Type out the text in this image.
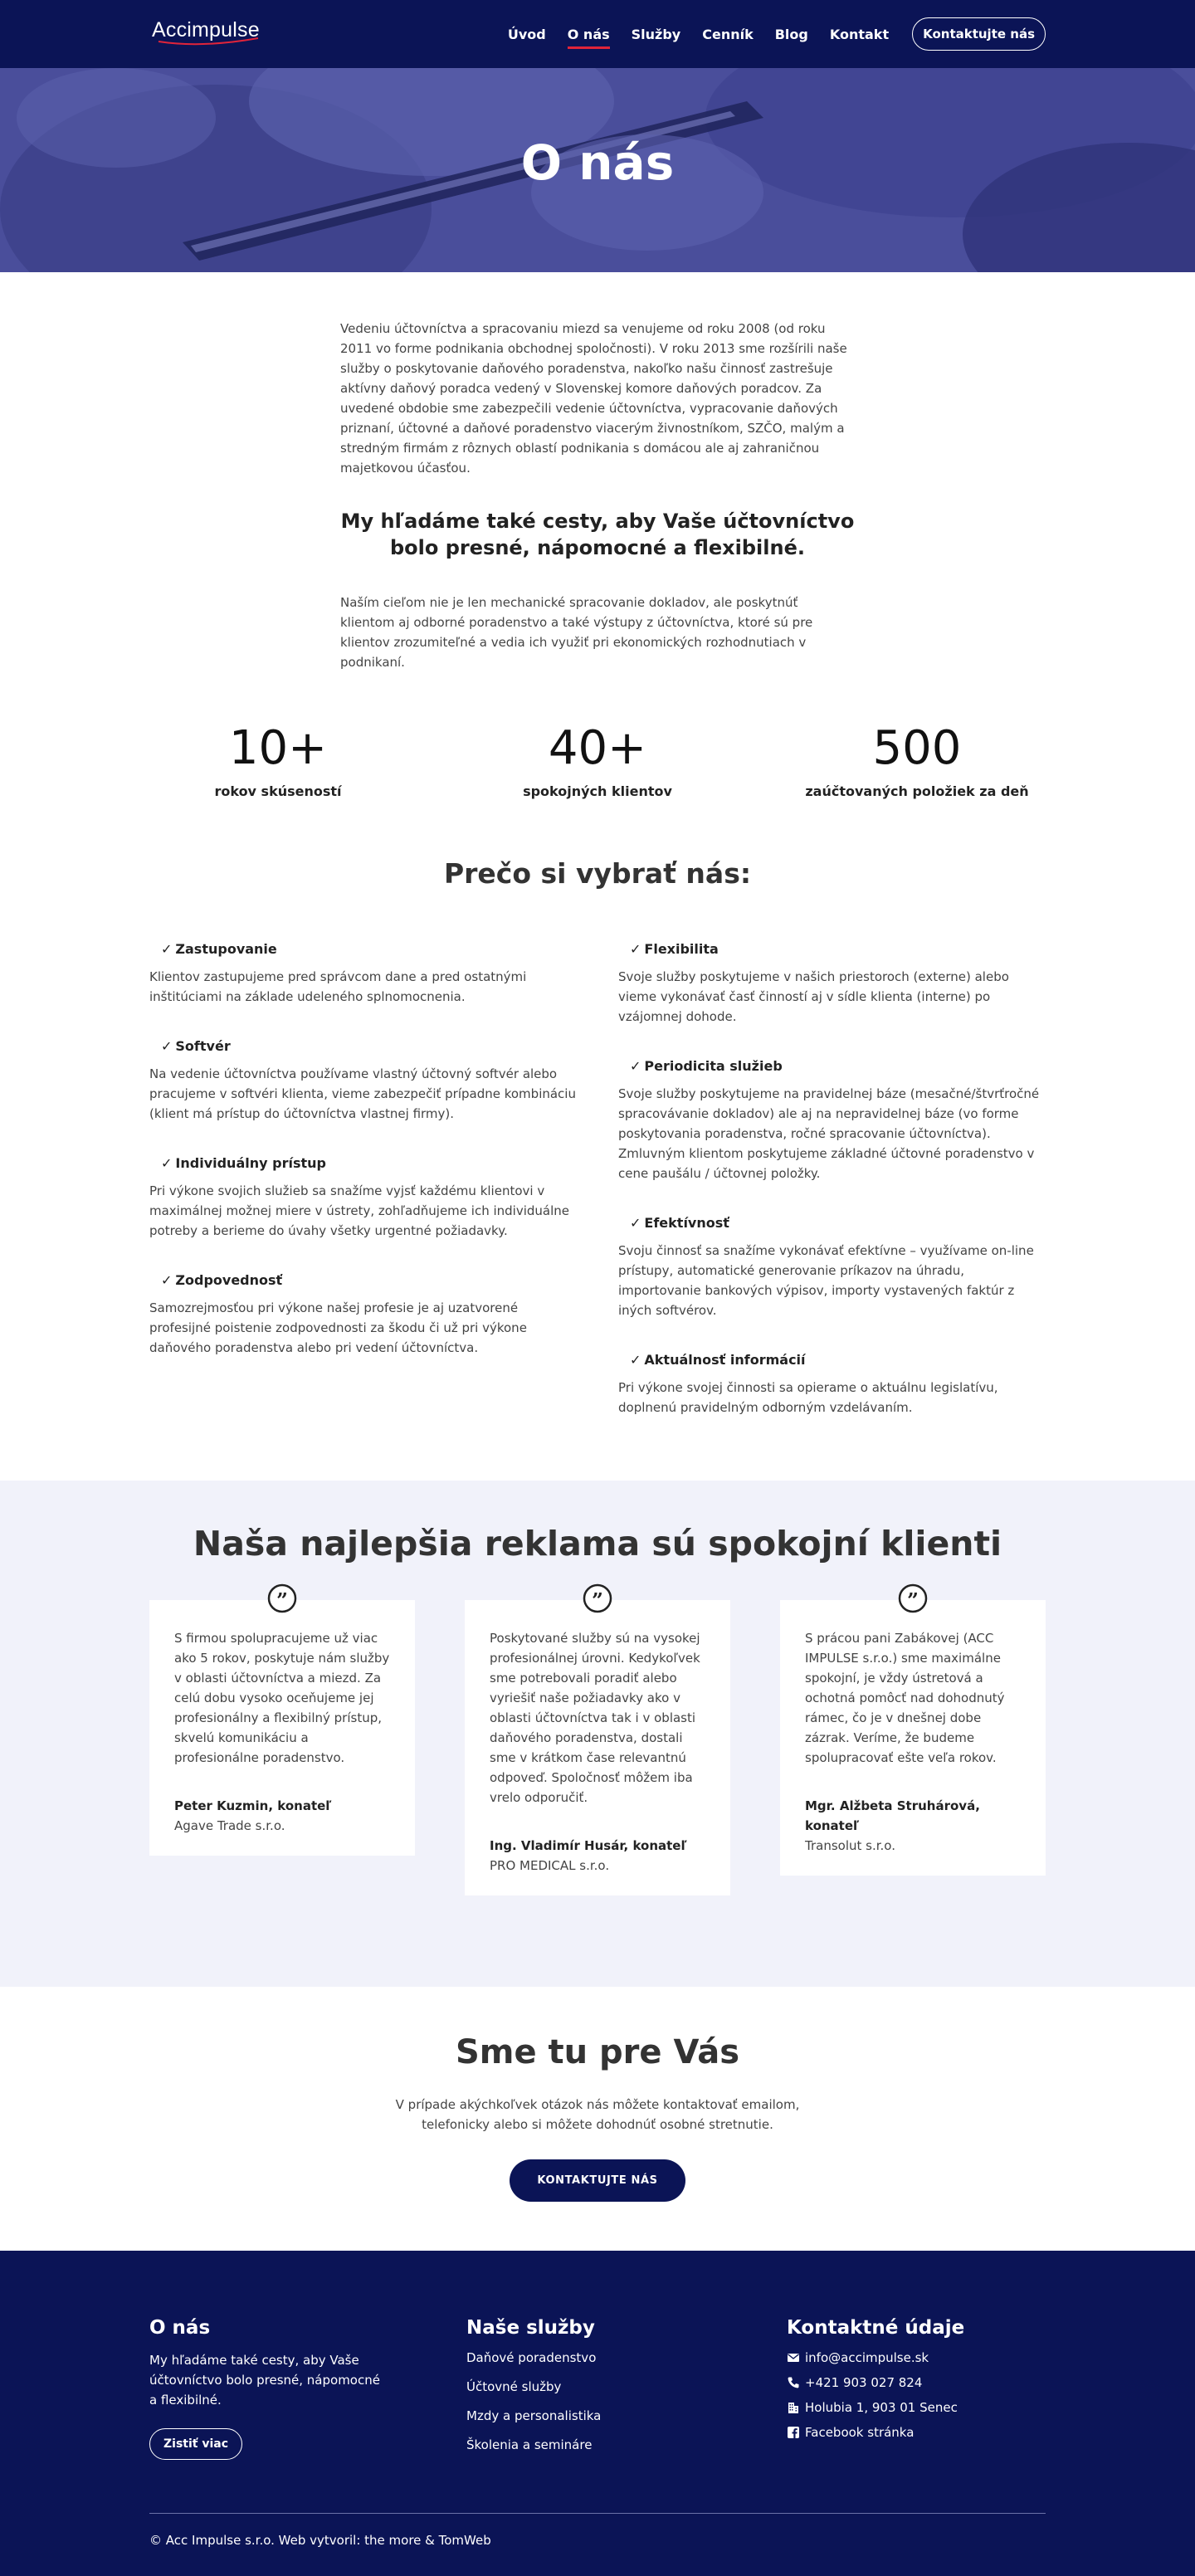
Accimpulse	Úvod O nás Služby Cenník Blog Kontakt	Kontaktujte nás
O nás

Vedeniu účtovníctva a spracovaniu miezd sa venujeme od roku 2008 (od roku 2011 vo forme podnikania obchodnej spoločnosti). V roku 2013 sme rozšírili naše služby o poskytovanie daňového poradenstva, nakoľko našu činnosť zastrešuje aktívny daňový poradca vedený v Slovenskej komore daňových poradcov. Za uvedené obdobie sme zabezpečili vedenie účtovníctva, vypracovanie daňových priznaní, účtovné a daňové poradenstvo viacerým živnostníkom, SZČO, malým a stredným firmám z rôznych oblastí podnikania s domácou ale aj zahraničnou majetkovou účasťou.

My hľadáme také cesty, aby Vaše účtovníctvo bolo presné, nápomocné a flexibilné.

Naším cieľom nie je len mechanické spracovanie dokladov, ale poskytnúť klientom aj odborné poradenstvo a také výstupy z účtovníctva, ktoré sú pre klientov zrozumiteľné a vedia ich využiť pri ekonomických rozhodnutiach v podnikaní.

10+
rokov skúseností
40+
spokojných klientov
500
zaúčtovaných položiek za deň
Prečo si vybrať nás:
✓ Zastupovanie

Klientov zastupujeme pred správcom dane a pred ostatnými inštitúciami na základe udeleného splnomocnenia.

✓ Softvér

Na vedenie účtovníctva používame vlastný účtovný softvér alebo pracujeme v softvéri klienta, vieme zabezpečiť prípadne kombináciu (klient má prístup do účtovníctva vlastnej firmy).

✓ Individuálny prístup

Pri výkone svojich služieb sa snažíme vyjsť každému klientovi v maximálnej možnej miere v ústrety, zohľadňujeme ich individuálne potreby a berieme do úvahy všetky urgentné požiadavky.

✓ Zodpovednosť

Samozrejmosťou pri výkone našej profesie je aj uzatvorené profesijné poistenie zodpovednosti za škodu či už pri výkone daňového poradenstva alebo pri vedení účtovníctva.

✓ Flexibilita

Svoje služby poskytujeme v našich priestoroch (externe) alebo vieme vykonávať časť činností aj v sídle klienta (interne) po vzájomnej dohode.

✓ Periodicita služieb

Svoje služby poskytujeme na pravidelnej báze (mesačné/štvrťročné spracovávanie dokladov) ale aj na nepravidelnej báze (vo forme poskytovania poradenstva, ročné spracovanie účtovníctva). Zmluvným klientom poskytujeme základné účtovné poradenstvo v cene paušálu / účtovnej položky.

✓ Efektívnosť

Svoju činnosť sa snažíme vykonávať efektívne – využívame on-line prístupy, automatické generovanie príkazov na úhradu, importovanie bankových výpisov, importy vystavených faktúr z iných softvérov.

✓ Aktuálnosť informácií

Pri výkone svojej činnosti sa opierame o aktuálnu legislatívu, doplnenú pravidelným odborným vzdelávaním.

Naša najlepšia reklama sú spokojní klienti
”

S firmou spolupracujeme už viac ako 5 rokov, poskytuje nám služby v oblasti účtovníctva a miezd. Za celú dobu vysoko oceňujeme jej profesionálny a flexibilný prístup, skvelú komunikáciu a profesionálne poradenstvo.

Peter Kuzmin, konateľ
Agave Trade s.r.o.
”

Poskytované služby sú na vysokej profesionálnej úrovni. Kedykoľvek sme potrebovali poradiť alebo vyriešiť naše požiadavky ako v oblasti účtovníctva tak i v oblasti daňového poradenstva, dostali sme v krátkom čase relevantnú odpoveď. Spoločnosť môžem iba vrelo odporučiť.

Ing. Vladimír Husár, konateľ
PRO MEDICAL s.r.o.
”

S prácou pani Zabákovej (ACC IMPULSE s.r.o.) sme maximálne spokojní, je vždy ústretová a ochotná pomôcť nad dohodnutý rámec, čo je v dnešnej dobe zázrak. Veríme, že budeme spolupracovať ešte veľa rokov.

Mgr. Alžbeta Struhárová, konateľ
Transolut s.r.o.
Sme tu pre Vás

V prípade akýchkoľvek otázok nás môžete kontaktovať emailom, telefonicky alebo si môžete dohodnúť osobné stretnutie.

KONTAKTUJTE NÁS
O nás

My hľadáme také cesty, aby Vaše účtovníctvo bolo presné, nápomocné a flexibilné.

Zistiť viac
Naše služby
Daňové poradenstvo
Účtovné služby
Mzdy a personalistika
Školenia a semináre
Kontaktné údaje
info@accimpulse.sk
+421 903 027 824
Holubia 1, 903 01 Senec
Facebook stránka
© Acc Impulse s.r.o. Web vytvoril: the more & TomWeb
